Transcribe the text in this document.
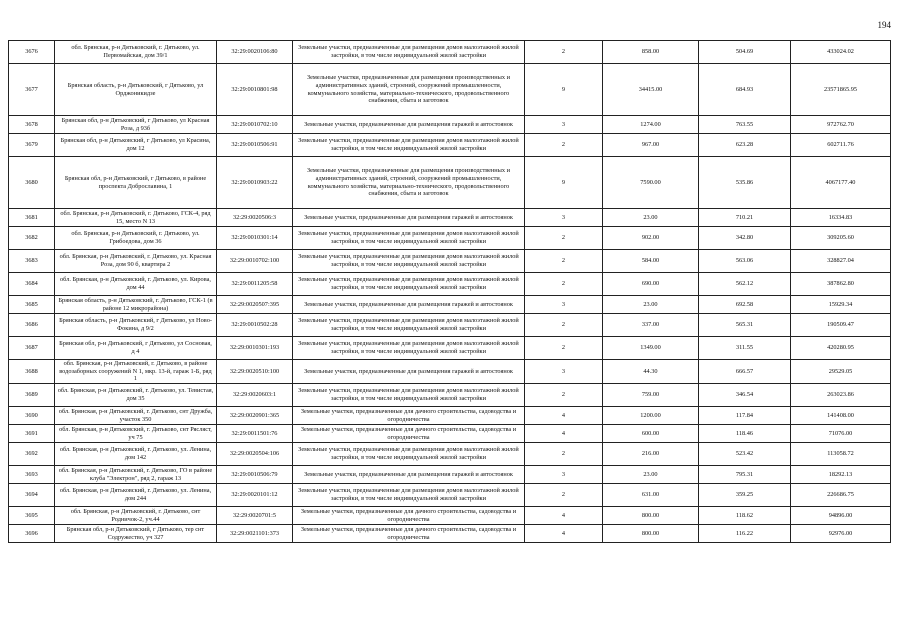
194
3676	обл. Брянская, р-н Дятьковский, г. Дятьково, ул. Первомайская, дом 39/1	32:29:0020106:80	Земельные участки, предназначенные для размещения домов малоэтажной жилой застройки, в том числе индивидуальной жилой застройки	2	858.00	504.69	433024.02
3677	Брянская область, р-н Дятьковский, г Дятьково, ул Орджоникидзе	32:29:0010801:98	Земельные участки, предназначенные для размещения производственных и административных зданий, строений, сооружений промышленности, коммунального хозяйства, материально-технического, продовольственного снабжения, сбыта и заготовок	9	34415.00	684.93	23571865.95
3678	Брянская обл, р-н Дятьковский, г Дятьково, ул Красная Роза, д 93б	32:29:0010702:10	Земельные участки, предназначенные для размещения гаражей и автостоянок	3	1274.00	763.55	972762.70
3679	Брянская обл, р-н Дятьковский, г Дятьково, ул Красина, дом 12	32:29:0010506:91	Земельные участки, предназначенные для размещения домов малоэтажной жилой застройки, в том числе индивидуальной жилой застройки	2	967.00	623.28	602711.76
3680	Брянская обл, р-н Дятьковский, г Дятьково, в районе проспекта Доброславина, 1	32:29:0010903:22	Земельные участки, предназначенные для размещения производственных и административных зданий, строений, сооружений промышленности, коммунального хозяйства, материально-технического, продовольственного снабжения, сбыта и заготовок	9	7590.00	535.86	4067177.40
3681	обл. Брянская, р-н Дятьковский, г. Дятьково, ГСК-4, ряд 15, место N 13	32:29:0020506:3	Земельные участки, предназначенные для размещения гаражей и автостоянок	3	23.00	710.21	16334.83
3682	обл. Брянская, р-н Дятьковский, г. Дятьково, ул. Грибоедова, дом 36	32:29:0010301:14	Земельные участки, предназначенные для размещения домов малоэтажной жилой застройки, в том числе индивидуальной жилой застройки	2	902.00	342.80	309205.60
3683	обл. Брянская, р-н Дятьковский, г. Дятьково, ул. Красная Роза, дом 90 б, квартира 2	32:29:0010702:100	Земельные участки, предназначенные для размещения домов малоэтажной жилой застройки, в том числе индивидуальной жилой застройки	2	584.00	563.06	328827.04
3684	обл. Брянская, р-н Дятьковский, г. Дятьково, ул. Кирова, дом 44	32:29:0011205:58	Земельные участки, предназначенные для размещения домов малоэтажной жилой застройки, в том числе индивидуальной жилой застройки	2	690.00	562.12	387862.80
3685	Брянская область, р-н Дятьковский, г. Дятьково, ГСК-1 (в районе 12 микрорайона)	32:29:0020507:395	Земельные участки, предназначенные для размещения гаражей и автостоянок	3	23.00	692.58	15929.34
3686	Брянская область, р-н Дятьковский, г Дятьково, ул Ново-Фокина, д 9/2	32:29:0010502:28	Земельные участки, предназначенные для размещения домов малоэтажной жилой застройки, в том числе индивидуальной жилой застройки	2	337.00	565.31	190509.47
3687	Брянская обл, р-н Дятьковский, г Дятьково, ул Сосновая, д 4	32:29:0010301:193	Земельные участки, предназначенные для размещения домов малоэтажной жилой застройки, в том числе индивидуальной жилой застройки	2	1349.00	311.55	420280.95
3688	обл. Брянская, р-н Дятьковский, г. Дятьково, в районе водозаборных сооружений N 1, мкр. 13-й, гараж 1-Б, ряд 1	32:29:0020510:100	Земельные участки, предназначенные для размещения гаражей и автостоянок	3	44.30	666.57	29529.05
3689	обл. Брянская, р-н Дятьковский, г. Дятьково, ул. Тевистая, дом 35	32:29:0020603:1	Земельные участки, предназначенные для размещения домов малоэтажной жилой застройки, в том числе индивидуальной жилой застройки	2	759.00	346.54	263023.86
3690	обл. Брянская, р-н Дятьковский, г. Дятьково, снт Дружба, участок 350	32:29:0020901:365	Земельные участки, предназначенные для дачного строительства, садоводства и огородничества	4	1200.00	117.84	141408.00
3691	обл. Брянская, р-н Дятьковский, г. Дятьково, снт Рясляст, уч 75	32:29:0011501:76	Земельные участки, предназначенные для дачного строительства, садоводства и огородничества	4	600.00	118.46	71076.00
3692	обл. Брянская, р-н Дятьковский, г. Дятьково, ул. Ленина, дом 142	32:29:0020504:106	Земельные участки, предназначенные для размещения домов малоэтажной жилой застройки, в том числе индивидуальной жилой застройки	2	216.00	523.42	113058.72
3693	обл. Брянская, р-н Дятьковский, г. Дятьково, ГО в районе клуба "Электрон", ряд 2, гараж 13	32:29:0010506:79	Земельные участки, предназначенные для размещения гаражей и автостоянок	3	23.00	795.31	18292.13
3694	обл. Брянская, р-н Дятьковский, г. Дятьково, ул. Ленина, дом 244	32:29:0020101:12	Земельные участки, предназначенные для размещения домов малоэтажной жилой застройки, в том числе индивидуальной жилой застройки	2	631.00	359.25	226686.75
3695	обл. Брянская, р-н Дятьковский, г. Дятьково, снт Родничок-2, уч.44	32:29:0020701:5	Земельные участки, предназначенные для дачного строительства, садоводства и огородничества	4	800.00	118.62	94896.00
3696	Брянская обл, р-н Дятьковский, г Дятьково, тер снт Содружество, уч 327	32:29:0021101:373	Земельные участки, предназначенные для дачного строительства, садоводства и огородничества	4	800.00	116.22	92976.00
